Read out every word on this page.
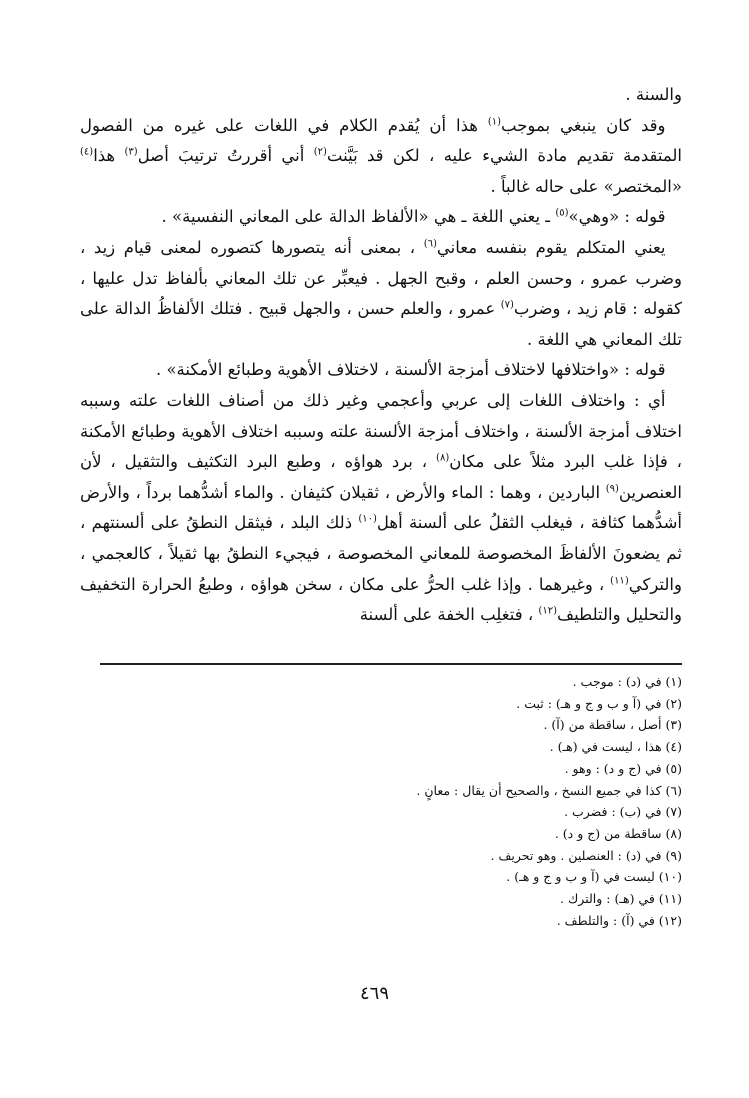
والسنة .

 وقد كان ينبغي بموجب$^{(١)}$ هذا أن يُقدم الكلام في اللغات على غيره من الفصول المتقدمة تقديم مادة الشيء عليه ، لكن قد بَيَّنت$^{(٢)}$ أني أقررتُ ترتيبَ أصل$^{(٣)}$ هذا$^{(٤)}$ «المختصر» على حاله غالباً .

 قوله : «وهي»$^{(٥)}$ ـ يعني اللغة ـ هي «الألفاظ الدالة على المعاني النفسية» .

 يعني المتكلم يقوم بنفسه معاني$^{(٦)}$ ، بمعنى أنه يتصورها كتصوره لمعنى قيام زيد ، وضرب عمرو ، وحسن العلم ، وقبح الجهل . فيعبِّر عن تلك المعاني بألفاظ تدل عليها ، كقوله : قام زيد ، وضرب$^{(٧)}$ عمرو ، والعلم حسن ، والجهل قبيح . فتلك الألفاظُ الدالة على تلك المعاني هي اللغة .

 قوله : «واختلافها لاختلاف أمزجة الألسنة ، لاختلاف الأهوية وطبائع الأمكنة» .

 أي : واختلاف اللغات إلى عربي وأعجمي وغير ذلك من أصناف اللغات علته وسببه اختلاف أمزجة الألسنة ، واختلاف أمزجة الألسنة علته وسببه اختلاف الأهوية وطبائع الأمكنة ، فإذا غلب البرد مثلاً على مكان$^{(٨)}$ ، برد هواؤه ، وطبع البرد التكثيف والتثقيل ، لأن العنصرين$^{(٩)}$ الباردين ، وهما : الماء والأرض ، ثقيلان كثيفان . والماء أشدُّهما برداً ، والأرض أشدُّهما كثافة ، فيغلب الثقلُ على ألسنة أهل$^{(١٠)}$ ذلك البلد ، فيثقل النطقُ على ألسنتهم ، ثم يضعونَ الألفاظَ المخصوصة للمعاني المخصوصة ، فيجيء النطقُ بها ثقيلاً ، كالعجمي ، والتركي$^{(١١)}$ ، وغيرهما . وإذا غلب الحرُّ على مكان ، سخن هواؤه ، وطبعُ الحرارة التخفيف والتحليل والتلطيف$^{(١٢)}$ ، فتغلِب الخفة على ألسنة

(١) في (د) : موجب .

(٢) في (آ و ب و ج و هـ) : ثبت .

(٣) أصل ، ساقطة من (آ) .

(٤) هذا ، ليست في (هـ) .

(٥) في (ج و د) : وهو .

(٦) كذا في جميع النسخ ، والصحيح أن يقال : معانٍ .

(٧) في (ب) : فضرب .

(٨) ساقطة من (ج و د) .

(٩) في (د) : العنصلين . وهو تحريف .

(١٠) ليست في (آ و ب و ج و هـ) .

(١١) في (هـ) : والترك .

(١٢) في (آ) : والتلطف .

٤٦٩
